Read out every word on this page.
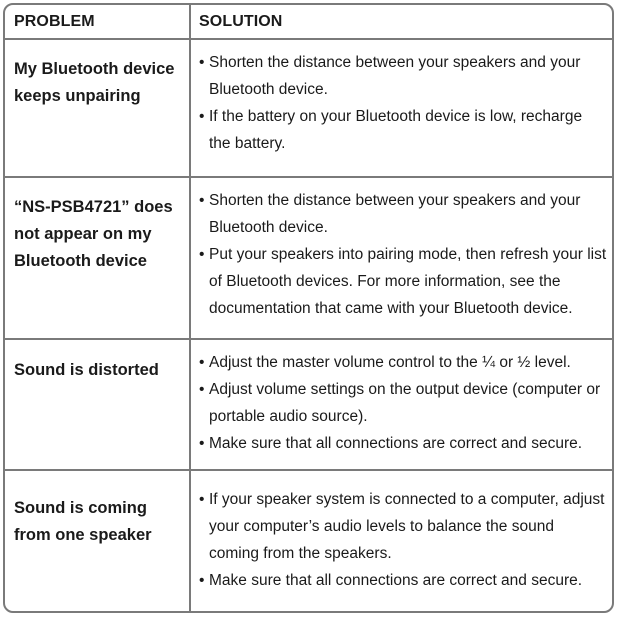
PROBLEM	SOLUTION
My Bluetooth device keeps unpairing
• Shorten the distance between your speakers and your Bluetooth device.
• If the battery on your Bluetooth device is low, recharge the battery.
“NS-PSB4721” does not appear on my Bluetooth device
• Shorten the distance between your speakers and your Bluetooth device.
• Put your speakers into pairing mode, then refresh your list of Bluetooth devices. For more information, see the documentation that came with your Bluetooth device.
Sound is distorted	• Adjust the master volume control to the ¼ or ½ level.
• Adjust volume settings on the output device (computer or portable audio source).
• Make sure that all connections are correct and secure.
Sound is coming from one speaker
• If your speaker system is connected to a computer, adjust your computer’s audio levels to balance the sound coming from the speakers.
• Make sure that all connections are correct and secure.
